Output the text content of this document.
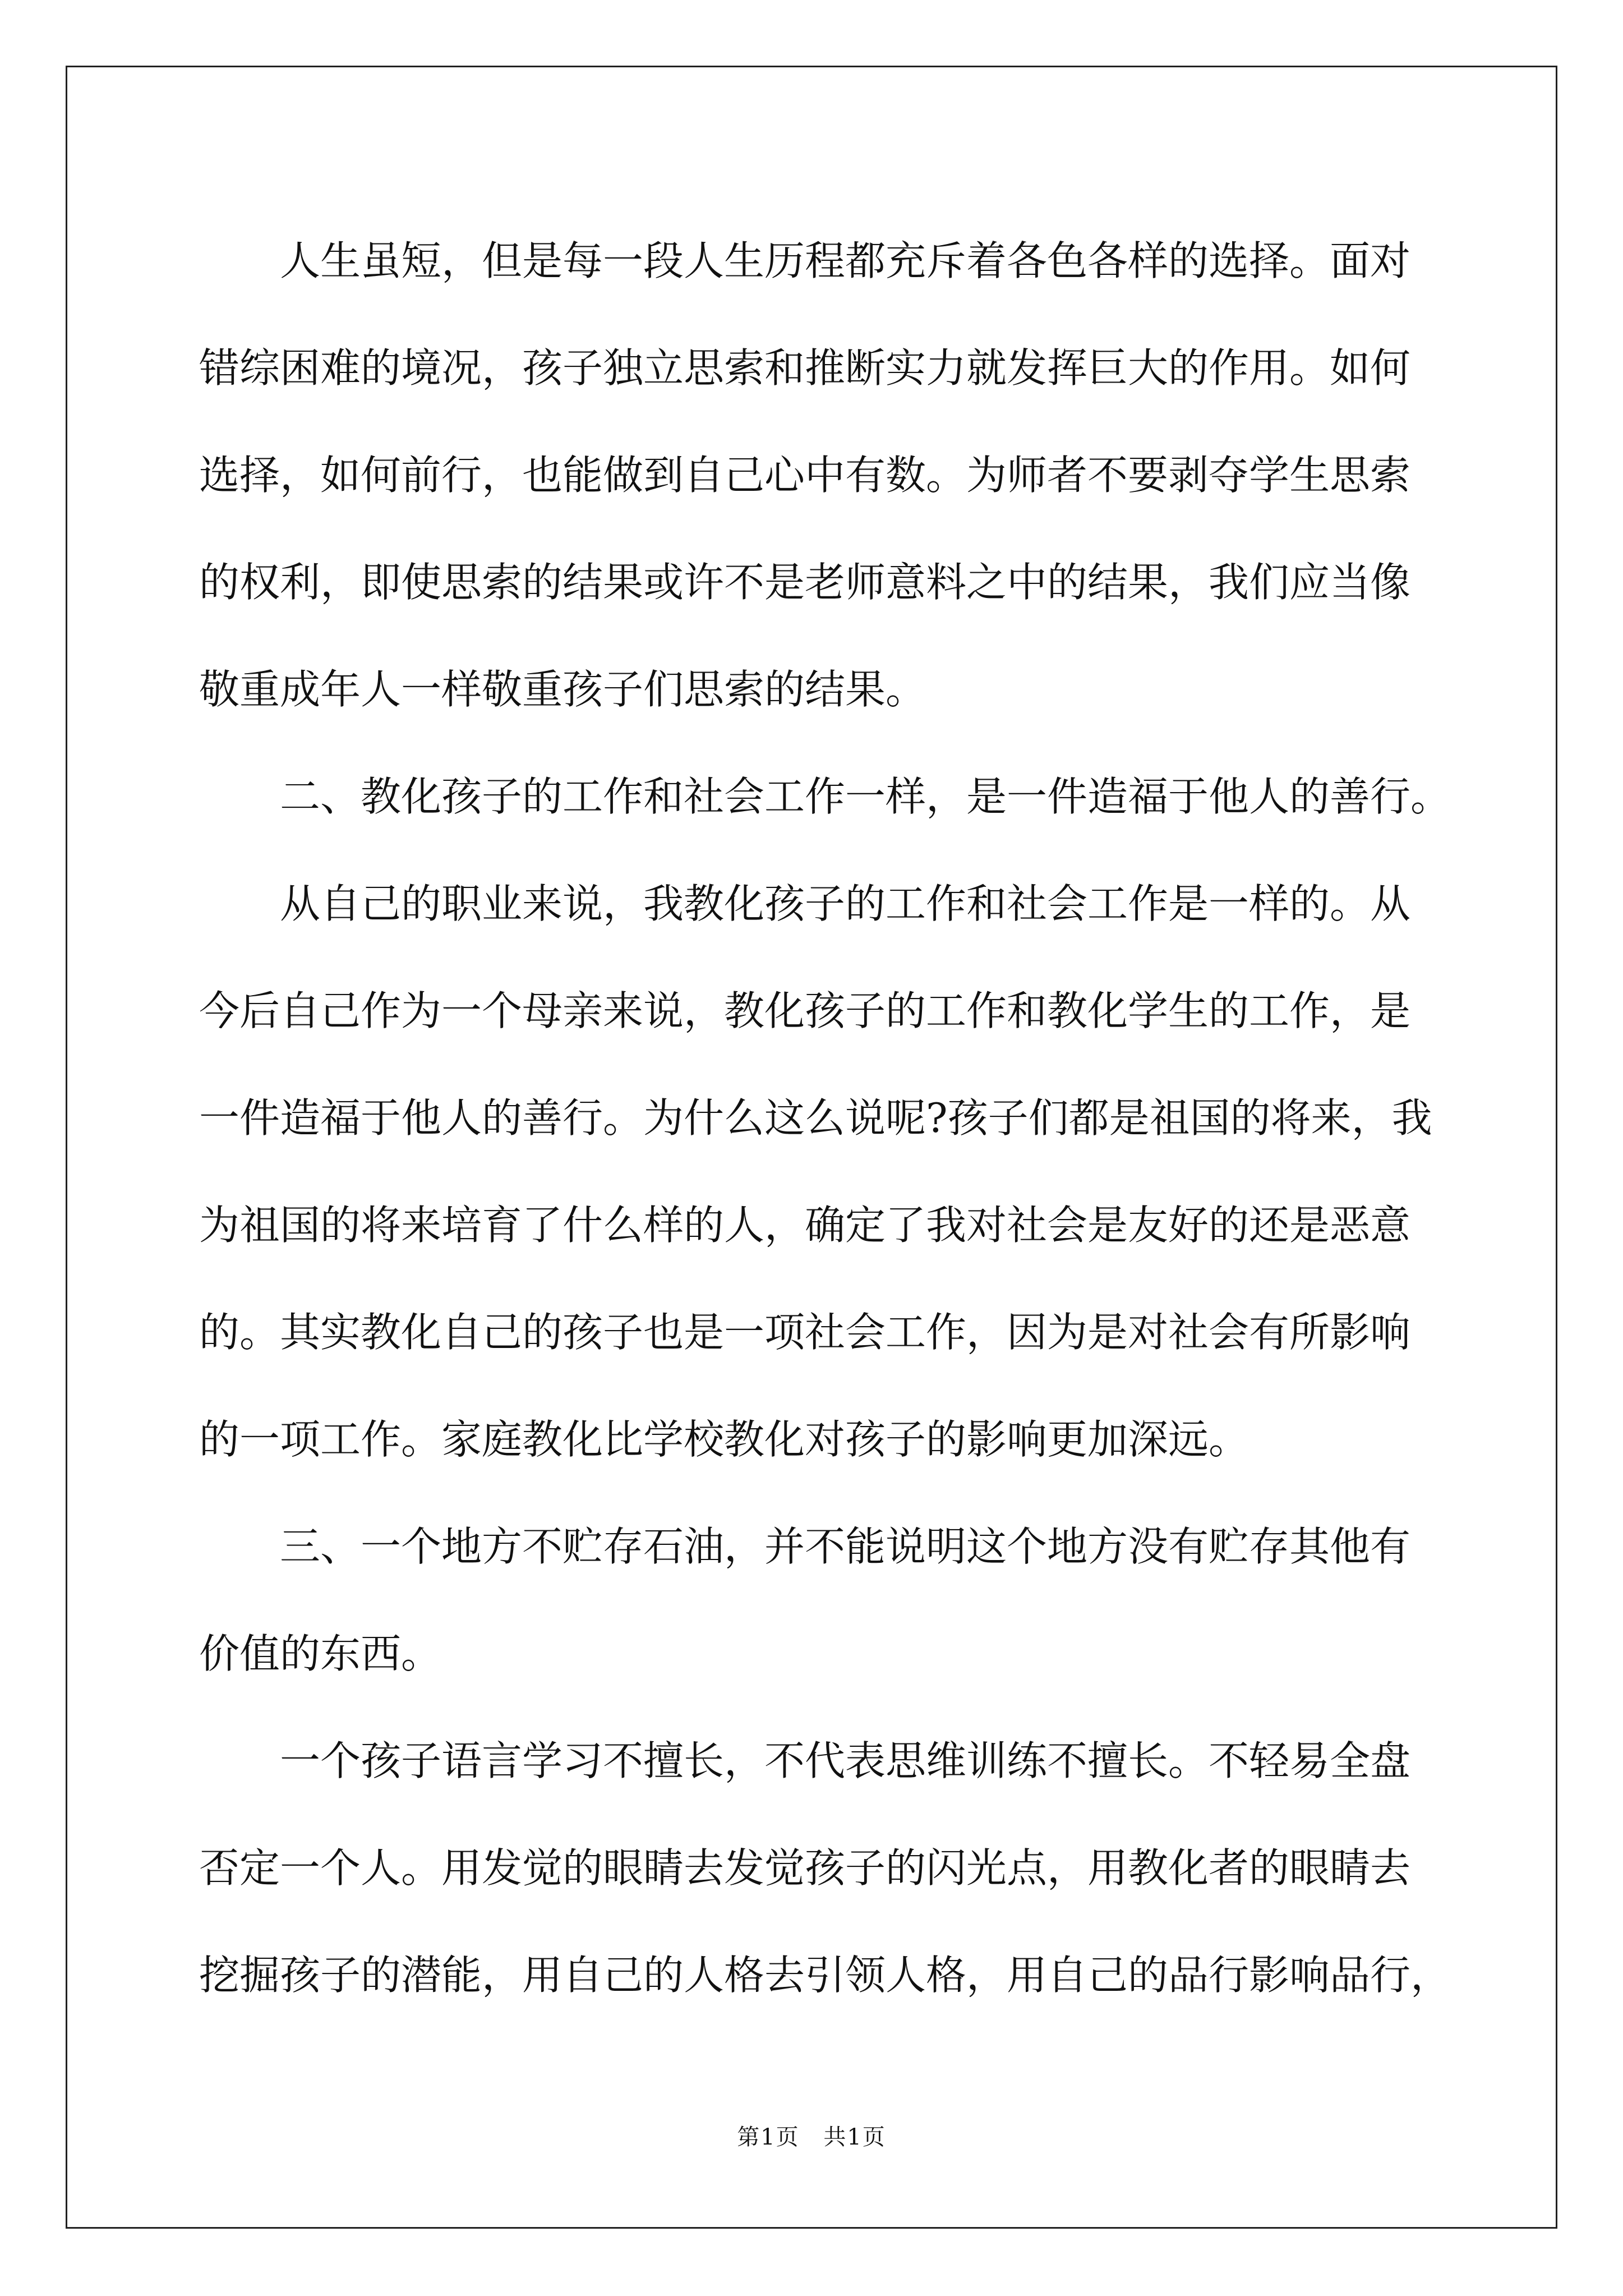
人生虽短，但是每一段人生历程都充斥着各色各样的选择。面对
错综困难的境况，孩子独立思索和推断实力就发挥巨大的作用。如何
选择，如何前行，也能做到自己心中有数。为师者不要剥夺学生思索
的权利，即使思索的结果或许不是老师意料之中的结果，我们应当像
敬重成年人一样敬重孩子们思索的结果。

二、教化孩子的工作和社会工作一样，是一件造福于他人的善行。

从自己的职业来说，我教化孩子的工作和社会工作是一样的。从
今后自己作为一个母亲来说，教化孩子的工作和教化学生的工作，是
一件造福于他人的善行。为什么这么说呢?孩子们都是祖国的将来，我
为祖国的将来培育了什么样的人，确定了我对社会是友好的还是恶意
的。其实教化自己的孩子也是一项社会工作，因为是对社会有所影响
的一项工作。家庭教化比学校教化对孩子的影响更加深远。

三、一个地方不贮存石油，并不能说明这个地方没有贮存其他有
价值的东西。

一个孩子语言学习不擅长，不代表思维训练不擅长。不轻易全盘
否定一个人。用发觉的眼睛去发觉孩子的闪光点，用教化者的眼睛去
挖掘孩子的潜能，用自己的人格去引领人格，用自己的品行影响品行，

第1页 共1页
